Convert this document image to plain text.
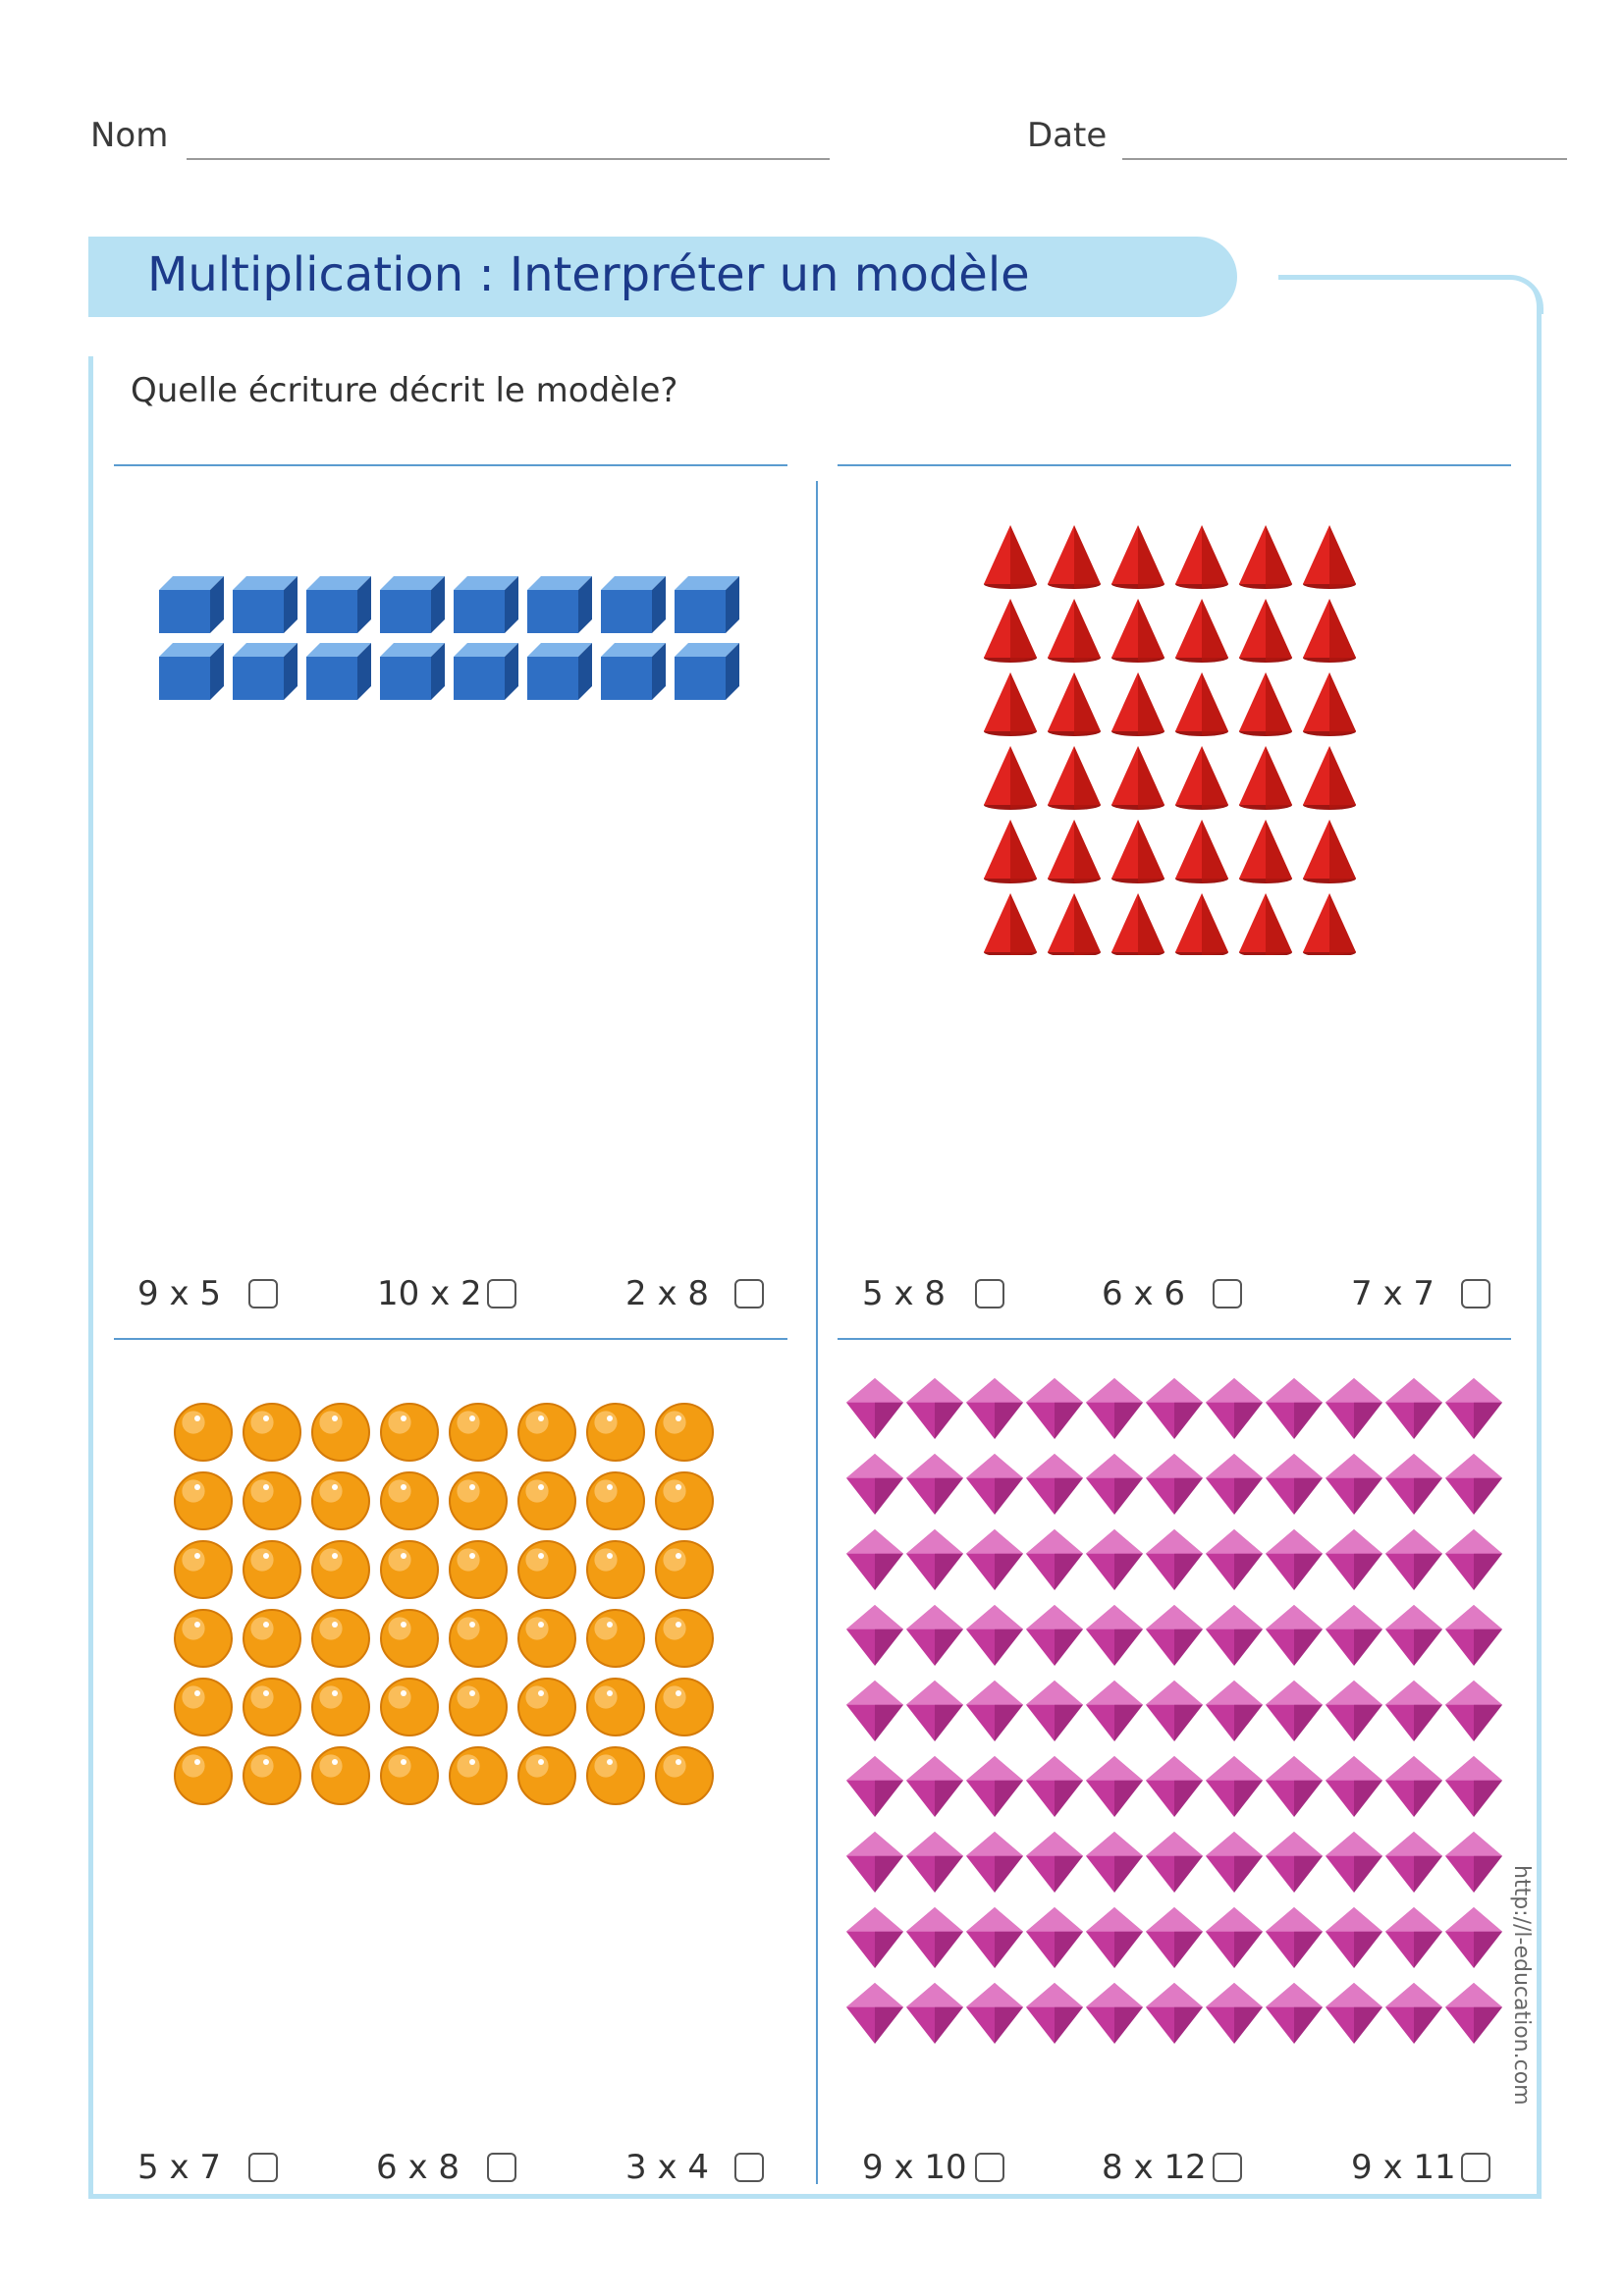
Nom	Date
Multiplication : Interpréter un modèle
Quelle écriture décrit le modèle?
9 x 5	10 x 2	2 x 8	5 x 8	6 x 6	7 x 7
5 x 7	6 x 8	3 x 4	9 x 10	8 x 12	9 x 11
http://l-education.com
